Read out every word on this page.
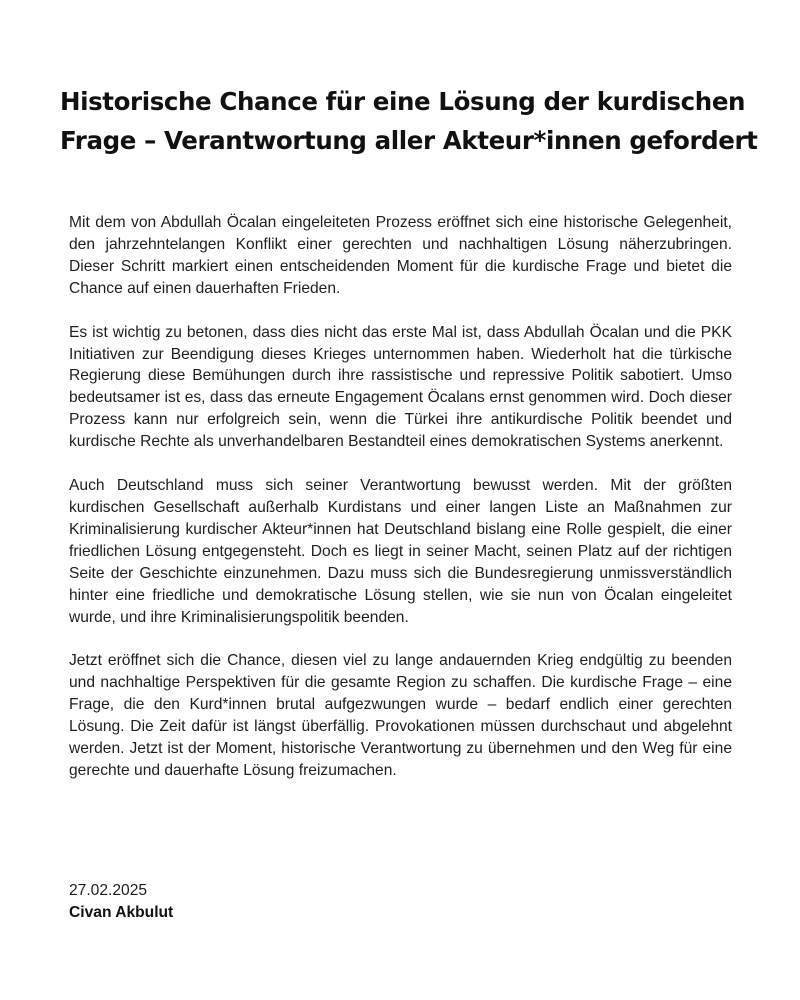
Historische Chance für eine Lösung der kurdischen
Frage – Verantwortung aller Akteur*innen gefordert

Mit dem von Abdullah Öcalan eingeleiteten Prozess eröffnet sich eine historische Gelegenheit, den jahrzehntelangen Konflikt einer gerechten und nachhaltigen Lösung näherzubringen. Dieser Schritt markiert einen entscheidenden Moment für die kurdische Frage und bietet die Chance auf einen dauerhaften Frieden.

Es ist wichtig zu betonen, dass dies nicht das erste Mal ist, dass Abdullah Öcalan und die PKK Initiativen zur Beendigung dieses Krieges unternommen haben. Wiederholt hat die türkische Regierung diese Bemühungen durch ihre rassistische und repressive Politik sabotiert. Umso bedeutsamer ist es, dass das erneute Engagement Öcalans ernst genommen wird. Doch dieser Prozess kann nur erfolgreich sein, wenn die Türkei ihre antikurdische Politik beendet und kurdische Rechte als unverhandelbaren Bestandteil eines demokratischen Systems anerkennt.

Auch Deutschland muss sich seiner Verantwortung bewusst werden. Mit der größten kurdischen Gesellschaft außerhalb Kurdistans und einer langen Liste an Maßnahmen zur Kriminalisierung kurdischer Akteur*innen hat Deutschland bislang eine Rolle gespielt, die einer friedlichen Lösung entgegensteht. Doch es liegt in seiner Macht, seinen Platz auf der richtigen Seite der Geschichte einzunehmen. Dazu muss sich die Bundesregierung unmissverständlich hinter eine friedliche und demokratische Lösung stellen, wie sie nun von Öcalan eingeleitet wurde, und ihre Kriminalisierungspolitik beenden.

Jetzt eröffnet sich die Chance, diesen viel zu lange andauernden Krieg endgültig zu beenden und nachhaltige Perspektiven für die gesamte Region zu schaffen. Die kurdische Frage – eine Frage, die den Kurd*innen brutal aufgezwungen wurde – bedarf endlich einer gerechten Lösung. Die Zeit dafür ist längst überfällig. Provokationen müssen durchschaut und abgelehnt werden. Jetzt ist der Moment, historische Verantwortung zu übernehmen und den Weg für eine gerechte und dauerhafte Lösung freizumachen.

27.02.2025
Civan Akbulut
